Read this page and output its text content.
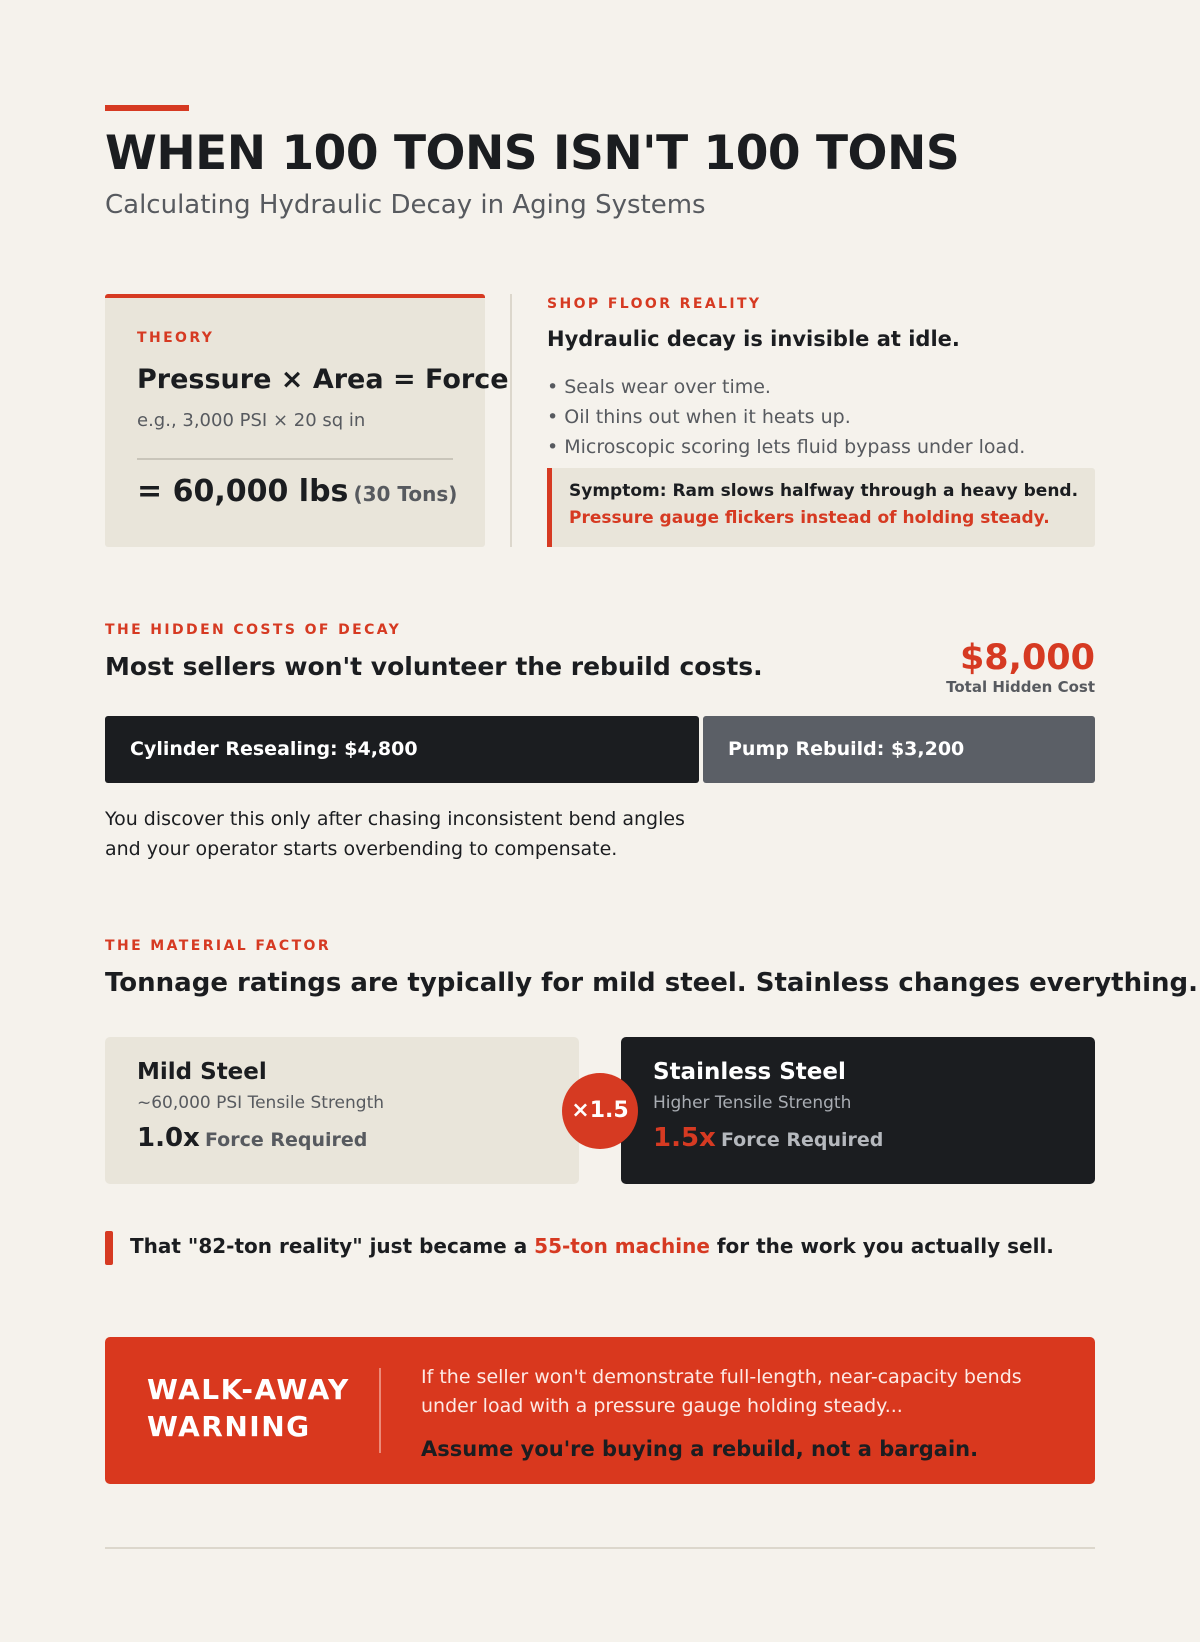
WHEN 100 TONS ISN'T 100 TONS
Calculating Hydraulic Decay in Aging Systems
THEORY
Pressure × Area = Force
e.g., 3,000 PSI × 20 sq in
= 60,000 lbs (30 Tons)
SHOP FLOOR REALITY
Hydraulic decay is invisible at idle.
• Seals wear over time.
• Oil thins out when it heats up.
• Microscopic scoring lets fluid bypass under load.
Symptom: Ram slows halfway through a heavy bend.
Pressure gauge flickers instead of holding steady.
THE HIDDEN COSTS OF DECAY
Most sellers won't volunteer the rebuild costs.	$8,000
Total Hidden Cost
Cylinder Resealing: $4,800	Pump Rebuild: $3,200

You discover this only after chasing inconsistent bend angles and your operator starts overbending to compensate.

THE MATERIAL FACTOR
Tonnage ratings are typically for mild steel. Stainless changes everything.
Mild Steel
~60,000 PSI Tensile Strength
1.0x Force Required
Stainless Steel
Higher Tensile Strength
1.5x Force Required
×1.5
That "82-ton reality" just became a 55-ton machine for the work you actually sell.
WALK-AWAY WARNING
If the seller won't demonstrate full-length, near-capacity bends under load with a pressure gauge holding steady...
Assume you're buying a rebuild, not a bargain.
